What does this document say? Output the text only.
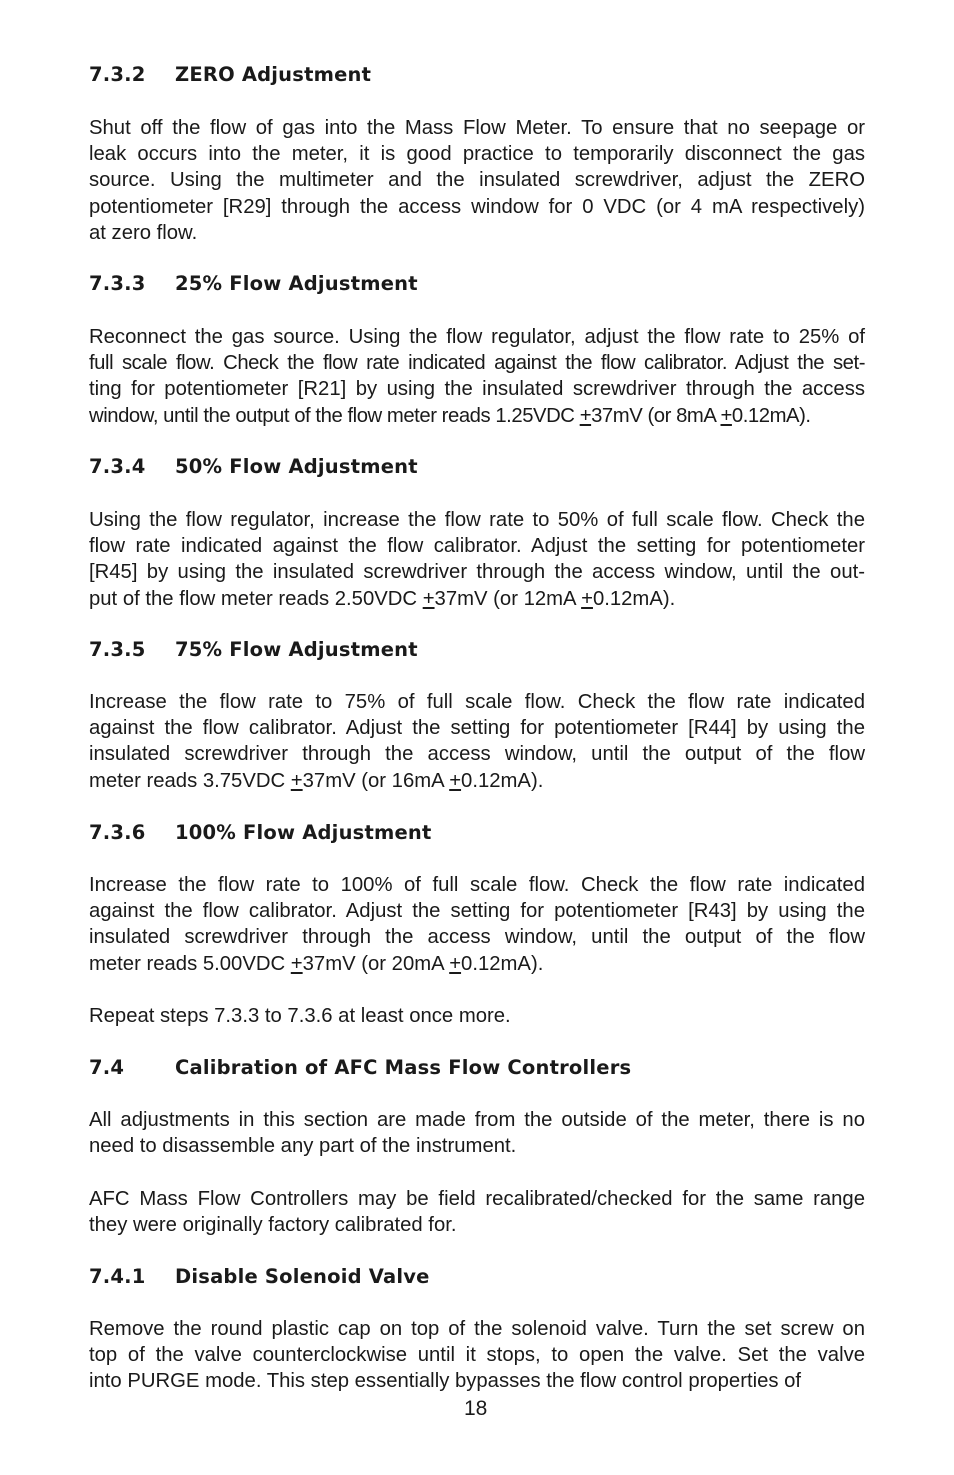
7.3.2 ZERO Adjustment
Shut off the flow of gas into the Mass Flow Meter. To ensure that no seepage or
leak occurs into the meter, it is good practice to temporarily disconnect the gas
source. Using the multimeter and the insulated screwdriver, adjust the ZERO
potentiometer [R29] through the access window for 0 VDC (or 4 mA respectively)
at zero flow.
7.3.3 25% Flow Adjustment
Reconnect the gas source. Using the flow regulator, adjust the flow rate to 25% of
full scale flow. Check the flow rate indicated against the flow calibrator. Adjust the set-
ting for potentiometer [R21] by using the insulated screwdriver through the access
window, until the output of the flow meter reads 1.25VDC +37mV (or 8mA +0.12mA).
7.3.4 50% Flow Adjustment
Using the flow regulator, increase the flow rate to 50% of full scale flow. Check the
flow rate indicated against the flow calibrator. Adjust the setting for potentiometer
[R45] by using the insulated screwdriver through the access window, until the out-
put of the flow meter reads 2.50VDC +37mV (or 12mA +0.12mA).
7.3.5 75% Flow Adjustment
Increase the flow rate to 75% of full scale flow. Check the flow rate indicated
against the flow calibrator. Adjust the setting for potentiometer [R44] by using the
insulated screwdriver through the access window, until the output of the flow
meter reads 3.75VDC +37mV (or 16mA +0.12mA).
7.3.6 100% Flow Adjustment
Increase the flow rate to 100% of full scale flow. Check the flow rate indicated
against the flow calibrator. Adjust the setting for potentiometer [R43] by using the
insulated screwdriver through the access window, until the output of the flow
meter reads 5.00VDC +37mV (or 20mA +0.12mA).
Repeat steps 7.3.3 to 7.3.6 at least once more.
7.4	Calibration of AFC Mass Flow Controllers
All adjustments in this section are made from the outside of the meter, there is no
need to disassemble any part of the instrument.
AFC Mass Flow Controllers may be field recalibrated/checked for the same range
they were originally factory calibrated for.
7.4.1 Disable Solenoid Valve
Remove the round plastic cap on top of the solenoid valve. Turn the set screw on
top of the valve counterclockwise until it stops, to open the valve. Set the valve
into PURGE mode. This step essentially bypasses the flow control properties of
18
